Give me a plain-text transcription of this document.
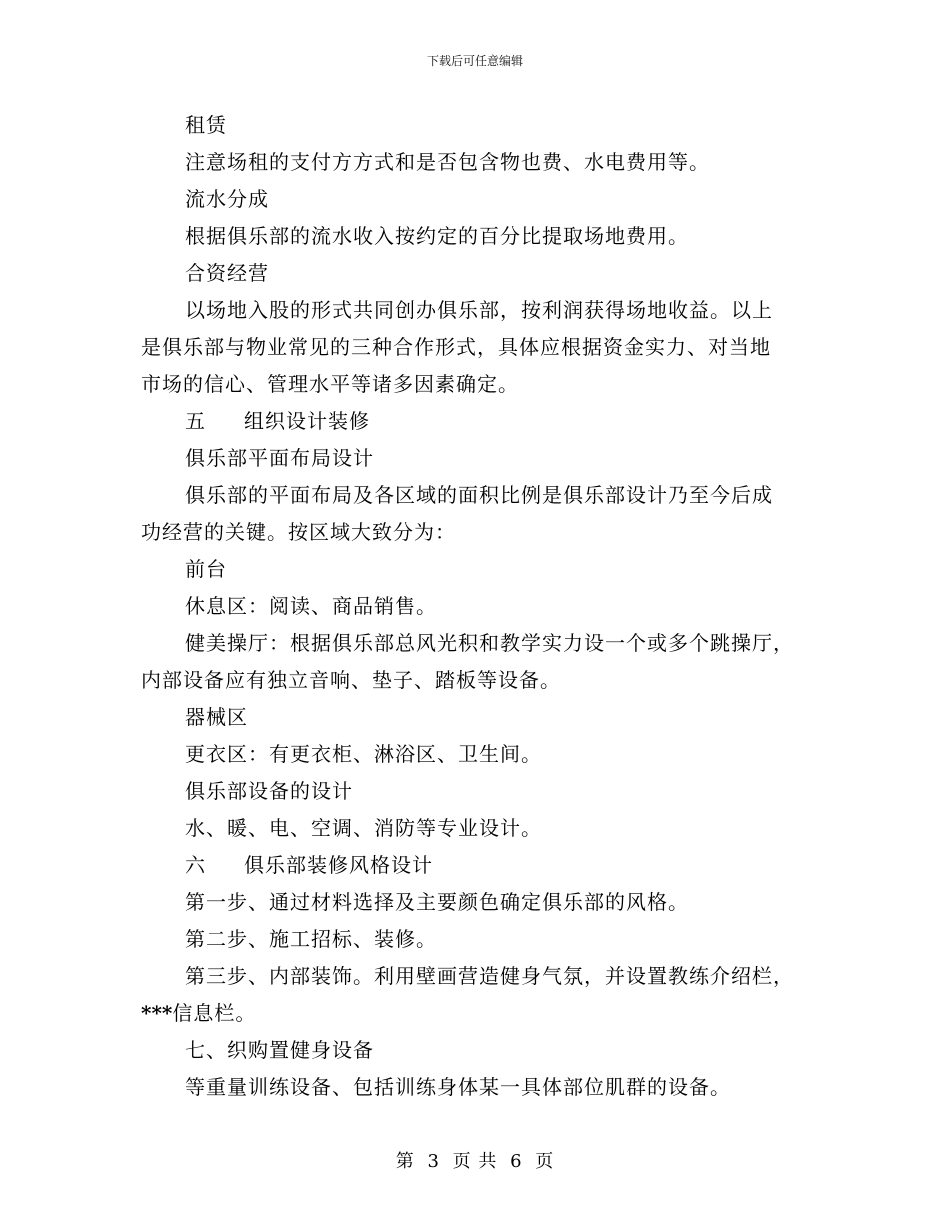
下载后可任意编辑
租赁
注意场租的支付方方式和是否包含物也费、水电费用等。
流水分成
根据俱乐部的流水收入按约定的百分比提取场地费用。
合资经营
以场地入股的形式共同创办俱乐部，按利润获得场地收益。以上
是俱乐部与物业常见的三种合作形式，具体应根据资金实力、对当地
市场的信心、管理水平等诸多因素确定。
五 组织设计装修
俱乐部平面布局设计
俱乐部的平面布局及各区域的面积比例是俱乐部设计乃至今后成
功经营的关键。按区域大致分为：
前台
休息区：阅读、商品销售。
健美操厅：根据俱乐部总风光积和教学实力设一个或多个跳操厅，
内部设备应有独立音响、垫子、踏板等设备。
器械区
更衣区：有更衣柜、淋浴区、卫生间。
俱乐部设备的设计
水、暖、电、空调、消防等专业设计。
六 俱乐部装修风格设计
第一步、通过材料选择及主要颜色确定俱乐部的风格。
第二步、施工招标、装修。
第三步、内部装饰。利用壁画营造健身气氛，并设置教练介绍栏，
***信息栏。
七、织购置健身设备
等重量训练设备、包括训练身体某一具体部位肌群的设备。
第 3 页 共 6 页
